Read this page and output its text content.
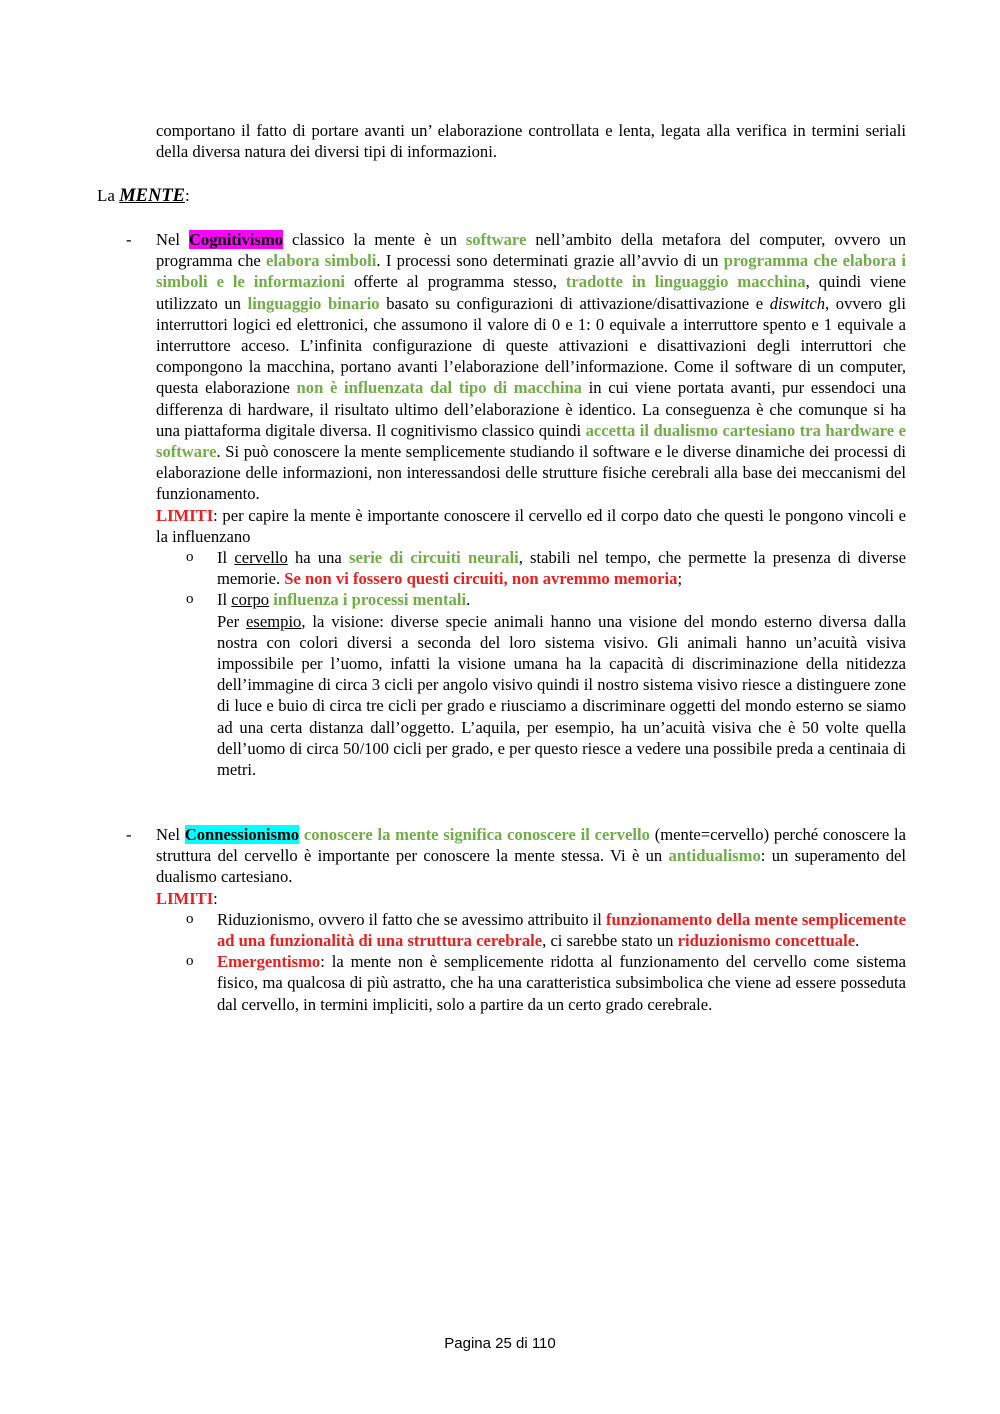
comportano il fatto di portare avanti un’ elaborazione controllata e lenta, legata alla verifica in termini seriali della diversa natura dei diversi tipi di informazioni.

La MENTE:
- Nel Cognitivismo classico la mente è un software nell’ambito della metafora del computer, ovvero un programma che elabora simboli. I processi sono determinati grazie all’avvio di un programma che elabora i simboli e le informazioni offerte al programma stesso, tradotte in linguaggio macchina, quindi viene utilizzato un linguaggio binario basato su configurazioni di attivazione/disattivazione e diswitch, ovvero gli interruttori logici ed elettronici, che assumono il valore di 0 e 1: 0 equivale a interruttore spento e 1 equivale a interruttore acceso. L’infinita configurazione di queste attivazioni e disattivazioni degli interruttori che compongono la macchina, portano avanti l’elaborazione dell’informazione. Come il software di un computer, questa elaborazione non è influenzata dal tipo di macchina in cui viene portata avanti, pur essendoci una differenza di hardware, il risultato ultimo dell’elaborazione è identico. La conseguenza è che comunque si ha una piattaforma digitale diversa. Il cognitivismo classico quindi accetta il dualismo cartesiano tra hardware e software. Si può conoscere la mente semplicemente studiando il software e le diverse dinamiche dei processi di elaborazione delle informazioni, non interessandosi delle strutture fisiche cerebrali alla base dei meccanismi del funzionamento.

LIMITI: per capire la mente è importante conoscere il cervello ed il corpo dato che questi le pongono vincoli e la influenzano

o Il cervello ha una serie di circuiti neurali, stabili nel tempo, che permette la presenza di diverse memorie. Se non vi fossero questi circuiti, non avremmo memoria;

o Il corpo influenza i processi mentali.

Per esempio, la visione: diverse specie animali hanno una visione del mondo esterno diversa dalla nostra con colori diversi a seconda del loro sistema visivo. Gli animali hanno un’acuità visiva impossibile per l’uomo, infatti la visione umana ha la capacità di discriminazione della nitidezza dell’immagine di circa 3 cicli per angolo visivo quindi il nostro sistema visivo riesce a distinguere zone di luce e buio di circa tre cicli per grado e riusciamo a discriminare oggetti del mondo esterno se siamo ad una certa distanza dall’oggetto. L’aquila, per esempio, ha un’acuità visiva che è 50 volte quella dell’uomo di circa 50/100 cicli per grado, e per questo riesce a vedere una possibile preda a centinaia di metri.

- Nel Connessionismo conoscere la mente significa conoscere il cervello (mente=cervello) perché conoscere la struttura del cervello è importante per conoscere la mente stessa. Vi è un antidualismo: un superamento del dualismo cartesiano.

LIMITI:

o Riduzionismo, ovvero il fatto che se avessimo attribuito il funzionamento della mente semplicemente ad una funzionalità di una struttura cerebrale, ci sarebbe stato un riduzionismo concettuale.

o Emergentismo: la mente non è semplicemente ridotta al funzionamento del cervello come sistema fisico, ma qualcosa di più astratto, che ha una caratteristica subsimbolica che viene ad essere posseduta dal cervello, in termini impliciti, solo a partire da un certo grado cerebrale.

Pagina 25 di 110
